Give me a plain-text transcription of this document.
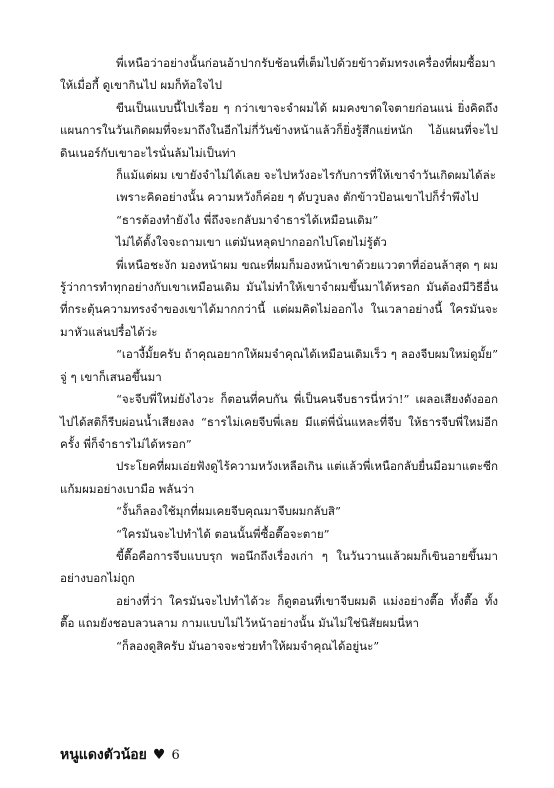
พี่เหนือว่าอย่างนั้นก่อนอ้าปากรับช้อนที่เต็มไปด้วยข้าวต้มทรงเครื่องที่ผมซื้อมาให้เมื่อกี้ ดูเขากินไป ผมก็ท้อใจไป

ขืนเป็นแบบนี้ไปเรื่อย ๆ กว่าเขาจะจำผมได้ ผมคงขาดใจตายก่อนแน่ ยิ่งคิดถึงแผนการในวันเกิดผมที่จะมาถึงในอีกไม่กี่วันข้างหน้าแล้วก็ยิ่งรู้สึกแย่หนัก ไอ้แผนที่จะไปดินเนอร์กับเขาอะไรนั่นล้มไม่เป็นท่า

ก็แม้แต่ผม เขายังจำไม่ได้เลย จะไปหวังอะไรกับการที่ให้เขาจำวันเกิดผมได้ล่ะ

เพราะคิดอย่างนั้น ความหวังก็ค่อย ๆ ดับวูบลง ตักข้าวป้อนเขาไปก็ร่ำพึงไป

“ธารต้องทำยังไง พี่ถึงจะกลับมาจำธารได้เหมือนเดิม”

ไม่ได้ตั้งใจจะถามเขา แต่มันหลุดปากออกไปโดยไม่รู้ตัว

พี่เหนือชะงัก มองหน้าผม ขณะที่ผมก็มองหน้าเขาด้วยแววตาที่อ่อนล้าสุด ๆ ผมรู้ว่าการทำทุกอย่างกับเขาเหมือนเดิม มันไม่ทำให้เขาจำผมขึ้นมาได้หรอก มันต้องมีวิธีอื่นที่กระตุ้นความทรงจำของเขาได้มากกว่านี้ แต่ผมคิดไม่ออกไง ในเวลาอย่างนี้ ใครมันจะมาหัวแล่นปรื๋อได้ว่ะ

“เอางี้มั้ยครับ ถ้าคุณอยากให้ผมจำคุณได้เหมือนเดิมเร็ว ๆ ลองจีบผมใหม่ดูมั้ย” จู่ ๆ เขาก็เสนอขึ้นมา

“จะจีบพี่ใหม่ยังไงวะ ก็ตอนที่คบกัน พี่เป็นคนจีบธารนี่หว่า!” เผลอเสียงดังออกไปได้สติก็รีบผ่อนน้ำเสียงลง “ธารไม่เคยจีบพี่เลย มีแต่พี่นั่นแหละที่จีบ ให้ธารจีบพี่ใหม่อีกครั้ง พี่ก็จำธารไม่ได้หรอก”

ประโยคที่ผมเอ่ยฟังดูไร้ความหวังเหลือเกิน แต่แล้วพี่เหนือกลับยื่นมือมาแตะซีกแก้มผมอย่างเบามือ พลันว่า

“งั้นก็ลองใช้มุกที่ผมเคยจีบคุณมาจีบผมกลับสิ”

“ใครมันจะไปทำได้ ตอนนั้นพี่ซื้อตื๊อจะตาย”

ขี้ตื๊อคือการจีบแบบรุก พอนึกถึงเรื่องเก่า ๆ ในวันวานแล้วผมก็เขินอายขึ้นมาอย่างบอกไม่ถูก

อย่างที่ว่า ใครมันจะไปทำได้วะ ก็ดูตอนที่เขาจีบผมดิ แม่งอย่างตื๊อ ทั้งตื๊อ ทั้งตื๊อ แถมยังชอบลวนลาม กามแบบไม่ไว้หน้าอย่างนั้น มันไม่ใช่นิสัยผมนี่หา

“ก็ลองดูสิครับ มันอาจจะช่วยทำให้ผมจำคุณได้อยู่นะ”

หนูแดงตัวน้อย ♥ 6
